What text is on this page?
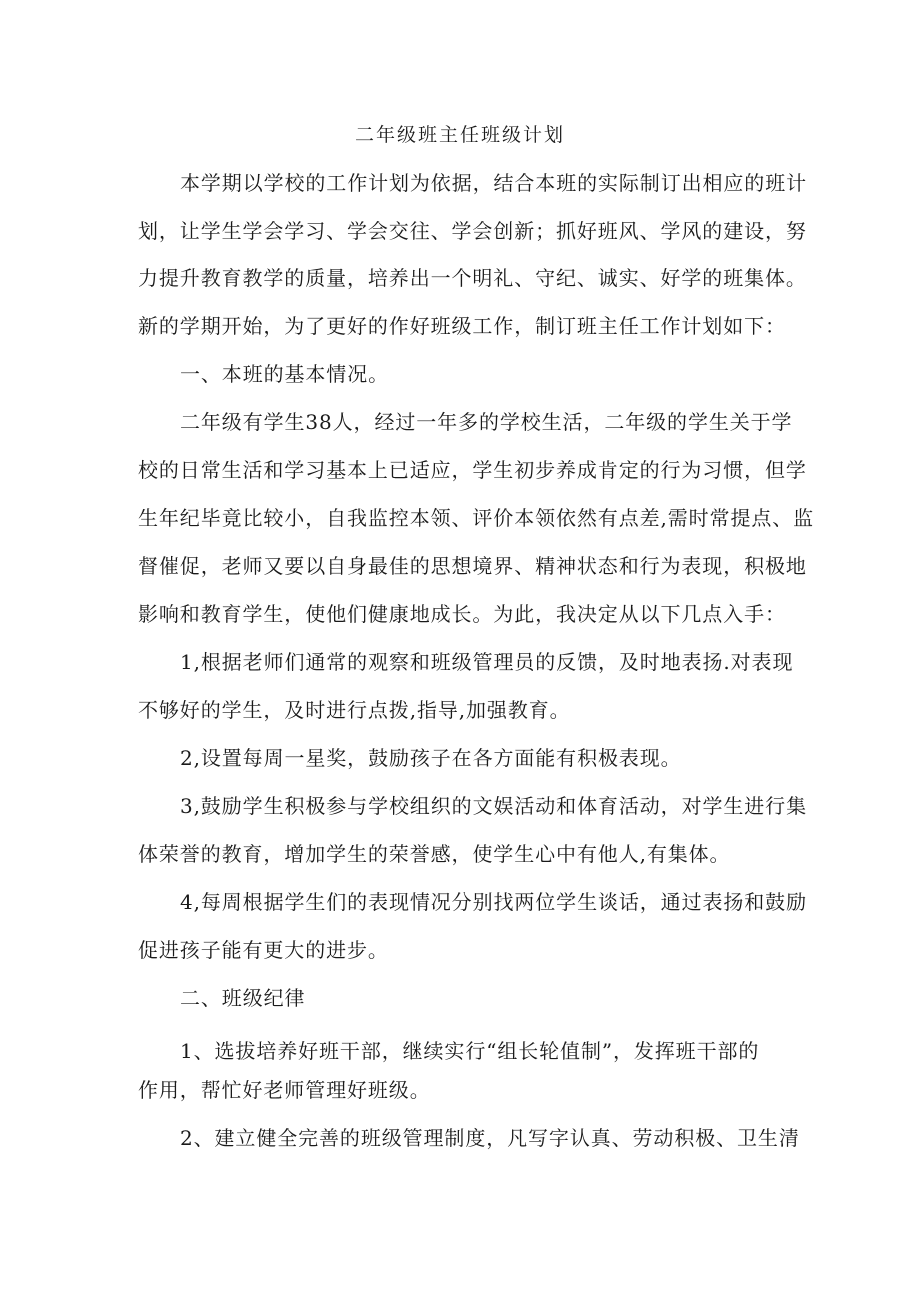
二年级班主任班级计划
本学期以学校的工作计划为依据，结合本班的实际制订出相应的班计
划，让学生学会学习、学会交往、学会创新；抓好班风、学风的建设，努
力提升教育教学的质量，培养出一个明礼、守纪、诚实、好学的班集体。
新的学期开始，为了更好的作好班级工作，制订班主任工作计划如下：
一、本班的基本情况。
二年级有学生38人，经过一年多的学校生活，二年级的学生关于学
校的日常生活和学习基本上已适应，学生初步养成肯定的行为习惯，但学
生年纪毕竟比较小，自我监控本领、评价本领依然有点差,需时常提点、监
督催促，老师又要以自身最佳的思想境界、精神状态和行为表现，积极地
影响和教育学生，使他们健康地成长。为此，我决定从以下几点入手：
1,根据老师们通常的观察和班级管理员的反馈，及时地表扬.对表现
不够好的学生，及时进行点拨,指导,加强教育。
2,设置每周一星奖，鼓励孩子在各方面能有积极表现。
3,鼓励学生积极参与学校组织的文娱活动和体育活动，对学生进行集
体荣誉的教育，增加学生的荣誉感，使学生心中有他人,有集体。
4,每周根据学生们的表现情况分别找两位学生谈话，通过表扬和鼓励
促进孩子能有更大的进步。
二、班级纪律
1、选拔培养好班干部，继续实行“组长轮值制”，发挥班干部的
作用，帮忙好老师管理好班级。
2、建立健全完善的班级管理制度，凡写字认真、劳动积极、卫生清
